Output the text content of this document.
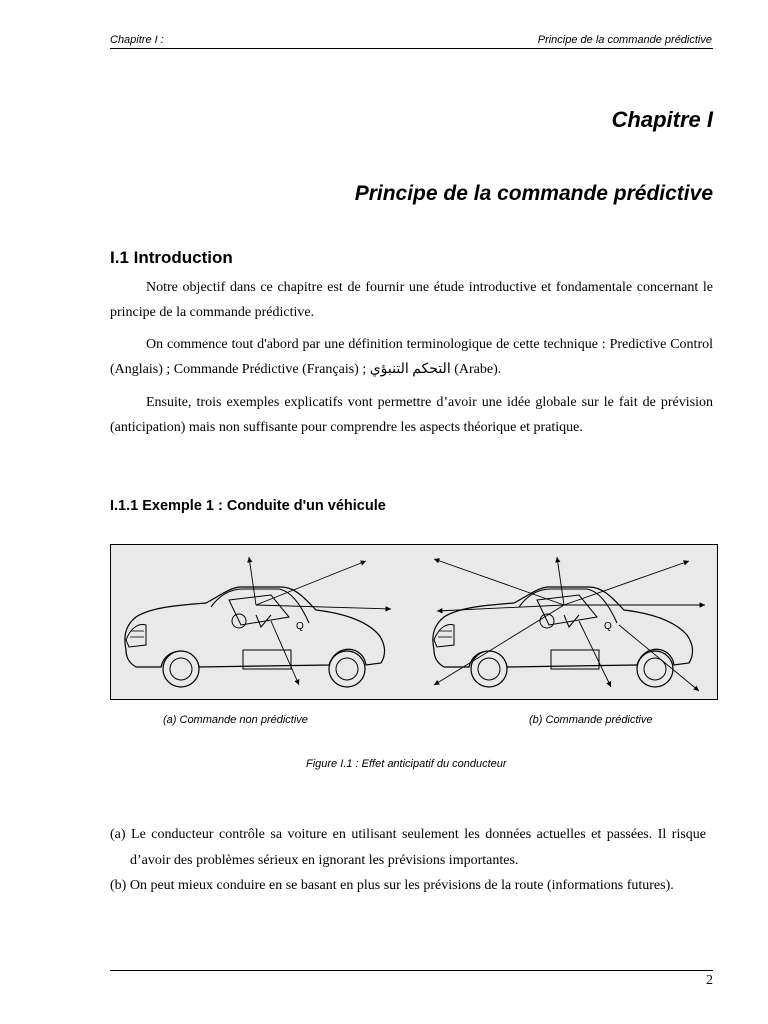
Chapitre I :	Principe de la commande prédictive
Chapitre I
Principe de la commande prédictive
I.1 Introduction
Notre objectif dans ce chapitre est de fournir une étude introductive et fondamentale concernant le principe de la commande prédictive.
On commence tout d'abord par une définition terminologique de cette technique : Predictive Control (Anglais) ; Commande Prédictive (Français) ; التحكم التنبؤي (Arabe).
Ensuite, trois exemples explicatifs vont permettre d’avoir une idée globale sur le fait de prévision (anticipation) mais non suffisante pour comprendre les aspects théorique et pratique.
I.1.1 Exemple 1 : Conduite d'un véhicule
(a) Commande non prédictive	(b) Commande prédictive
Figure I.1 : Effet anticipatif du conducteur
(a) Le conducteur contrôle sa voiture en utilisant seulement les données actuelles et passées. Il risque d’avoir des problèmes sérieux en ignorant les prévisions importantes.
(b) On peut mieux conduire en se basant en plus sur les prévisions de la route (informations futures).
2
